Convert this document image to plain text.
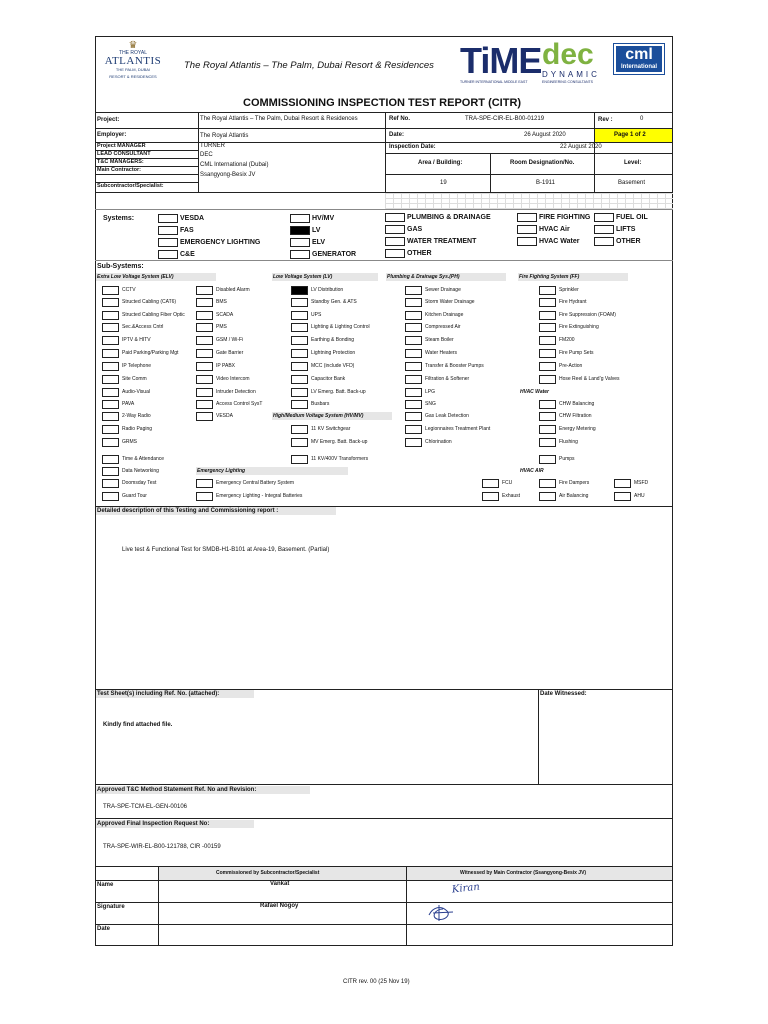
♛
THE ROYAL
ATLANTIS
THE PALM, DUBAI
RESORT & RESIDENCES
The Royal Atlantis – The Palm, Dubai Resort & Residences TiME
TURNER INTERNATIONAL MIDDLE EAST
dec
DYNAMIC
ENGINEERING CONSULTANTS
cml
International
COMMISSIONING INSPECTION TEST REPORT (CITR)
Project:	The Royal Atlantis – The Palm, Dubai Resort & Residences	Ref No.	TRA-SPE-CIR-EL-B00-01219	Rev :	0
Employer:	The Royal Atlantis	Date:	26 August 2020	Page 1 of 2
Project MANAGER	TURNER	Inspection Date:	22 August 2020
LEAD CONSULTANT	DEC
T&C MANAGERS:	CML International (Dubai)
Main Contractor:
Ssangyong-Besix JV
Subcontractor/Specialist:
Area / Building:	Room Designation/No.	Level:
19	B-1911	Basement
Systems:	VESDA
FAS
EMERGENCY LIGHTING
C&E
HV/MV
LV
ELV
GENERATOR
PLUMBING & DRAINAGE
GAS
WATER TREATMENT
OTHER
FIRE FIGHTING
HVAC Air
HVAC Water
FUEL OIL
LIFTS
OTHER
Sub-Systems:
Extra Low Voltage System (ELV)
CCTV
Structed Cabling (CAT6)
Structed Cabling Fiber Optic
Sec.&Access Cntrl
IPTV & HITV
Paid Parking/Parking Mgt
IP Telephone
Site Comm
Audio-Visual
PAVA
2-Way Radio
Radio Paging
GRMS
Time & Attendance
Data Networking
Doomsday Test
Guard Tour
Disabled Alarm
BMS
SCADA
PMS
GSM / Wi-Fi
Gate Barrier
IP PABX
Video Intercom
Intruder Detection
Access Control SysT
VESDA
Emergency Lighting
Emergency Central Battery System
Emergency Lighting - Integral Batteries
Low Voltage System (LV)
LV Distribution
Standby Gen. & ATS
UPS
Lighting & Lighting Control
Earthing & Bonding
Lightning Protection
MCC (include VFD)
Capacitor Bank
LV Emerg. Batt. Back-up
Busbars
High/Medium Voltage System (HV/MV)
11 KV Switchgear
MV Emerg. Batt. Back-up
11 KV/400V Transformers
Plumbing & Drainage Sys.(PH)
Sewer Drainage
Storm Water Drainage
Kitchen Drainage
Compressed Air
Steam Boiler
Water Heaters
Transfer & Booster Pumps
Filtration & Softener
LPG
SNG
Gas Leak Detection
Legionnaires Treatment Plant
Chlorination
Fire Fighting System (FF)
Sprinkler
Fire Hydrant
Fire Suppression (FOAM)
Fire Extinguishing
FM200
Fire Pump Sets
Pre-Action
Hose Reel & Landʼg Valves
HVAC Water
CHW Balancing
CHW Filtration
Energy Metering
Flushing
Pumps
HVAC AIR
FCU
Exhaust
Fire Dampers
Air Balancing
MSFD
AHU
Detailed description of this Testing and Commissioning report :
Live test & Functional Test for SMDB-H1-B101 at Area-19, Basement. (Partial)
Test Sheet(s) including Ref. No. (attached):	Date Witnessed:
Kindly find attached file.
Approved T&C Method Statement Ref. No and Revision:
TRA-SPE-TCM-EL-GEN-00106
Approved Final Inspection Request No:
TRA-SPE-WIR-EL-B00-121788, CIR -00159
Commissioned by Subcontractor/Specialist	Witnessed by Main Contractor (Ssangyong-Besix JV)
Name	Vankat	Kiran
Signature	Rafael Nogoy
Date
CITR rev. 00 (25 Nov 19)
